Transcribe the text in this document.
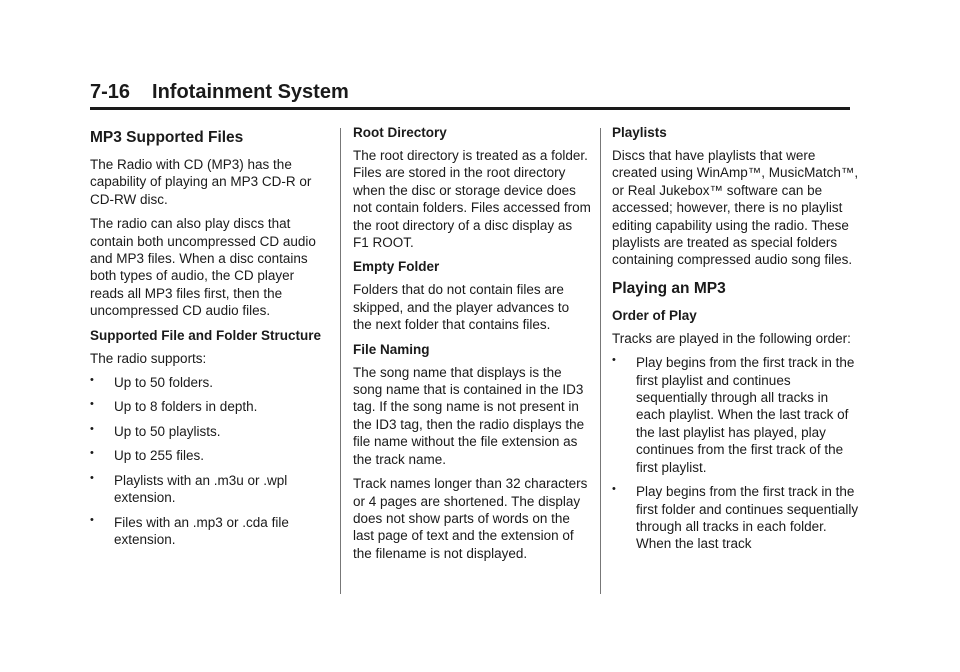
7-16 Infotainment System
MP3 Supported Files

The Radio with CD (MP3) has the capability of playing an MP3 CD-R or CD-RW disc.

The radio can also play discs that contain both uncompressed CD audio and MP3 files. When a disc contains both types of audio, the CD player reads all MP3 files first, then the uncompressed CD audio files.

Supported File and Folder Structure

The radio supports:

• Up to 50 folders.
• Up to 8 folders in depth.
• Up to 50 playlists.
• Up to 255 files.
• Playlists with an .m3u or .wpl extension.
• Files with an .mp3 or .cda file extension.
Root Directory

The root directory is treated as a folder. Files are stored in the root directory when the disc or storage device does not contain folders. Files accessed from the root directory of a disc display as F1 ROOT.

Empty Folder

Folders that do not contain files are skipped, and the player advances to the next folder that contains files.

File Naming

The song name that displays is the song name that is contained in the ID3 tag. If the song name is not present in the ID3 tag, then the radio displays the file name without the file extension as the track name.

Track names longer than 32 characters or 4 pages are shortened. The display does not show parts of words on the last page of text and the extension of the filename is not displayed.

Playlists

Discs that have playlists that were created using WinAmp™, MusicMatch™, or Real Jukebox™ software can be accessed; however, there is no playlist editing capability using the radio. These playlists are treated as special folders containing compressed audio song files.

Playing an MP3
Order of Play

Tracks are played in the following order:

• Play begins from the first track in the first playlist and continues sequentially through all tracks in each playlist. When the last track of the last playlist has played, play continues from the first track of the first playlist.
• Play begins from the first track in the first folder and continues sequentially through all tracks in each folder. When the last track
